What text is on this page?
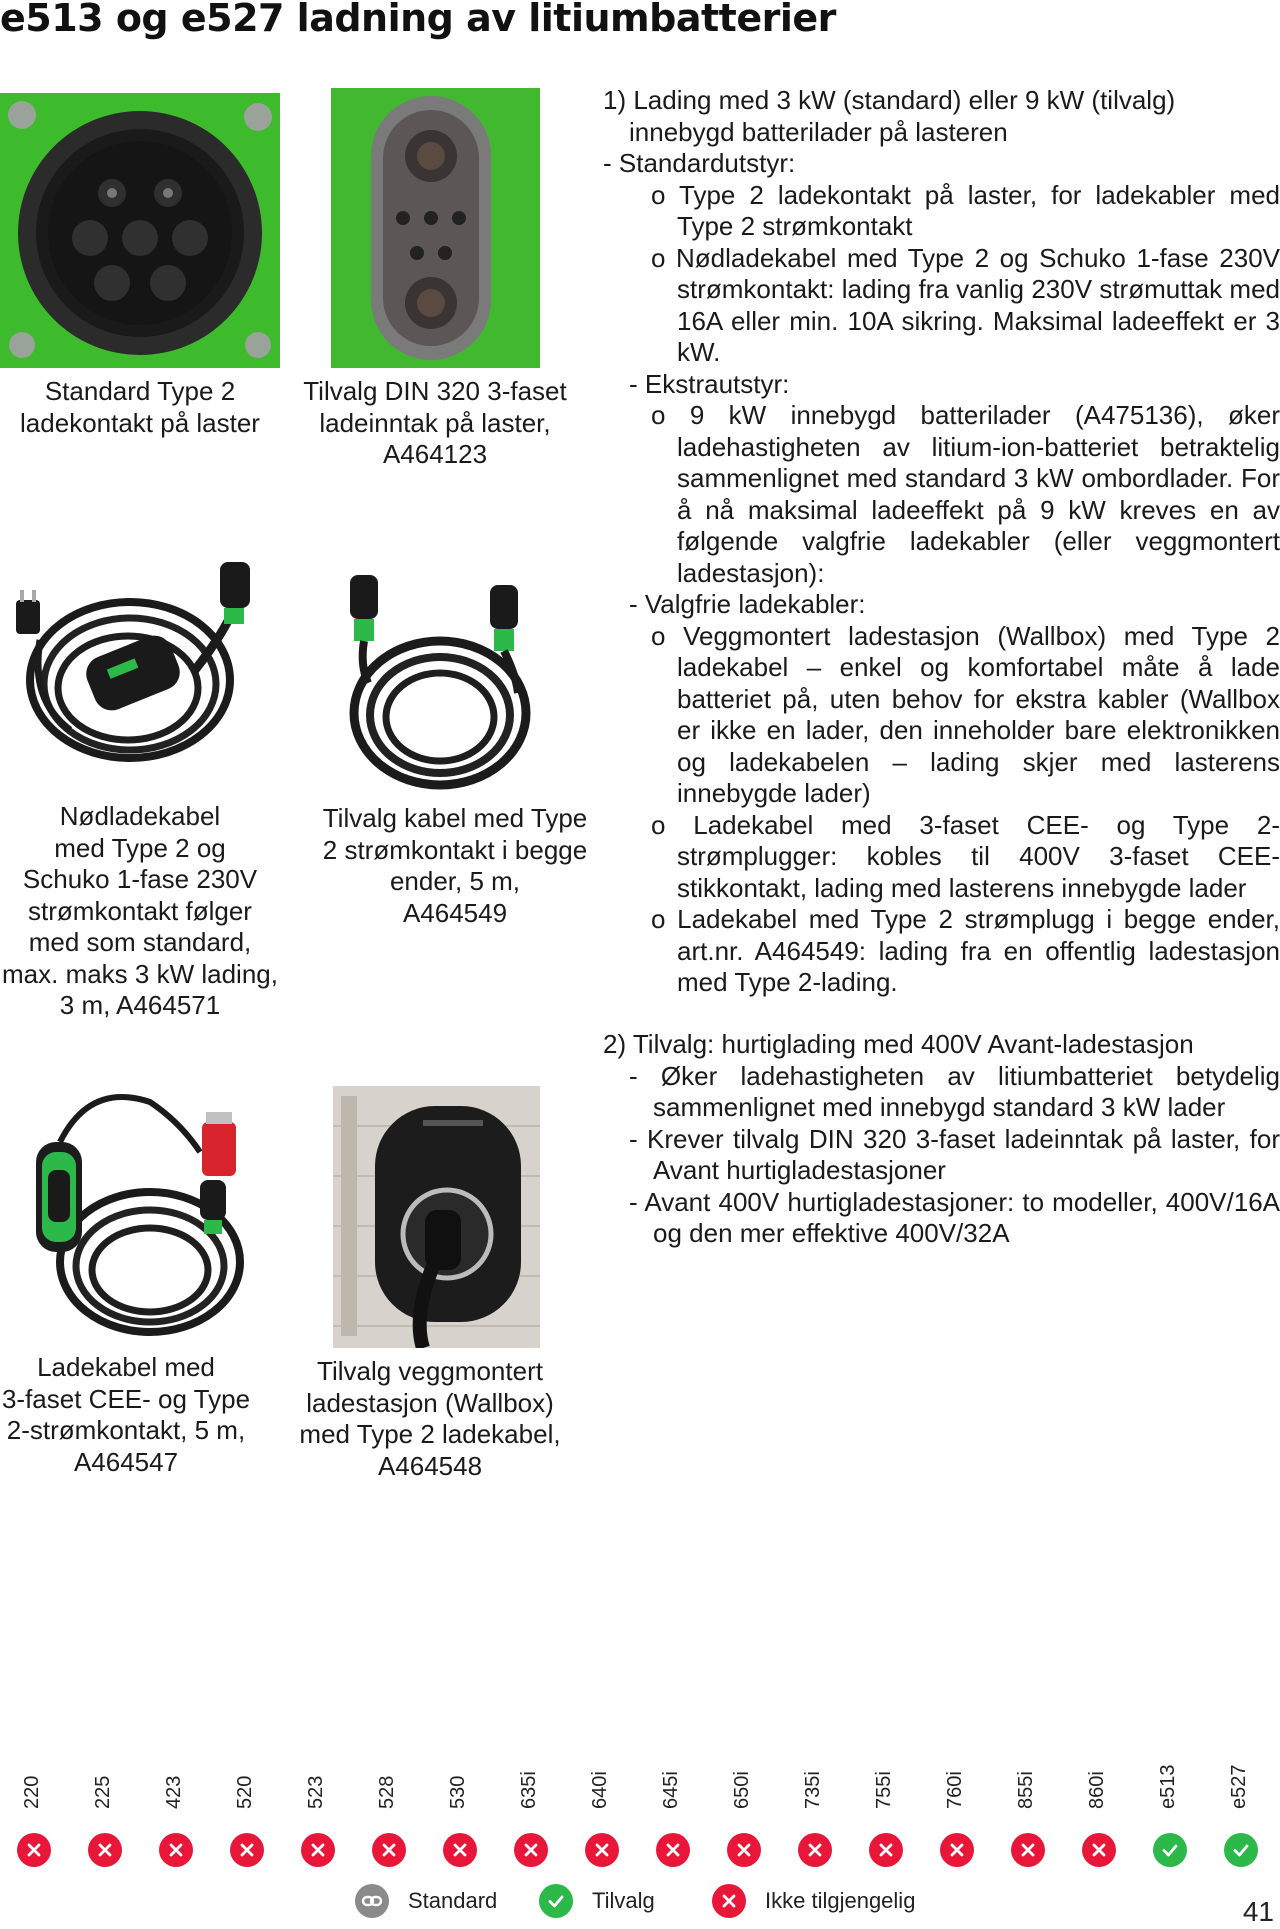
e513 og e527 ladning av litiumbatterier
Standard Type 2
ladekontakt på laster
Tilvalg DIN 320 3-faset
ladeinntak på laster,
A464123
Nødladekabel
med Type 2 og
Schuko 1-fase 230V
strømkontakt følger
med som standard,
max. maks 3 kW lading,
3 m, A464571
Tilvalg kabel med Type
2 strømkontakt i begge
ender, 5 m,
A464549
Ladekabel med
3-faset CEE- og Type
2-strømkontakt, 5 m,
A464547
Tilvalg veggmontert
ladestasjon (Wallbox)
med Type 2 ladekabel,
A464548

1) Lading med 3 kW (standard) eller 9 kW (tilvalg)

innebygd batterilader på lasteren

- Standardutstyr:

o Type 2 ladekontakt på laster, for ladekabler med Type 2 strømkontakt

o Nødladekabel med Type 2 og Schuko 1-fase 230V strømkontakt: lading fra vanlig 230V strømuttak med 16A eller min. 10A sikring. Maksimal ladeeffekt er 3 kW.

- Ekstrautstyr:

o 9 kW innebygd batterilader (A475136), øker ladehastigheten av litium-ion-batteriet betraktelig sammenlignet med standard 3 kW ombordlader. For å nå maksimal ladeeffekt på 9 kW kreves en av følgende valgfrie ladekabler (eller veggmontert ladestasjon):

- Valgfrie ladekabler:

o Veggmontert ladestasjon (Wallbox) med Type 2 ladekabel – enkel og komfortabel måte å lade batteriet på, uten behov for ekstra kabler (Wallbox er ikke en lader, den inneholder bare elektronikken og ladekabelen – lading skjer med lasterens innebygde lader)

o Ladekabel med 3-faset CEE- og Type 2-strømplugger: kobles til 400V 3-faset CEE-stikkontakt, lading med lasterens innebygde lader

o Ladekabel med Type 2 strømplugg i begge ender, art.nr. A464549: lading fra en offentlig ladestasjon med Type 2-lading.

2) Tilvalg: hurtiglading med 400V Avant-ladestasjon

- Øker ladehastigheten av litiumbatteriet betydelig sammenlignet med innebygd standard 3 kW lader

- Krever tilvalg DIN 320 3-faset ladeinntak på laster, for Avant hurtigladestasjoner

- Avant 400V hurtigladestasjoner: to modeller, 400V/16A og den mer effektive 400V/32A

220 225 423 520 523 528 530 635i 640i 645i 650i 735i 755i 760i 855i 860i e513 e527
Standard	Tilvalg	Ikke tilgjengelig	41
